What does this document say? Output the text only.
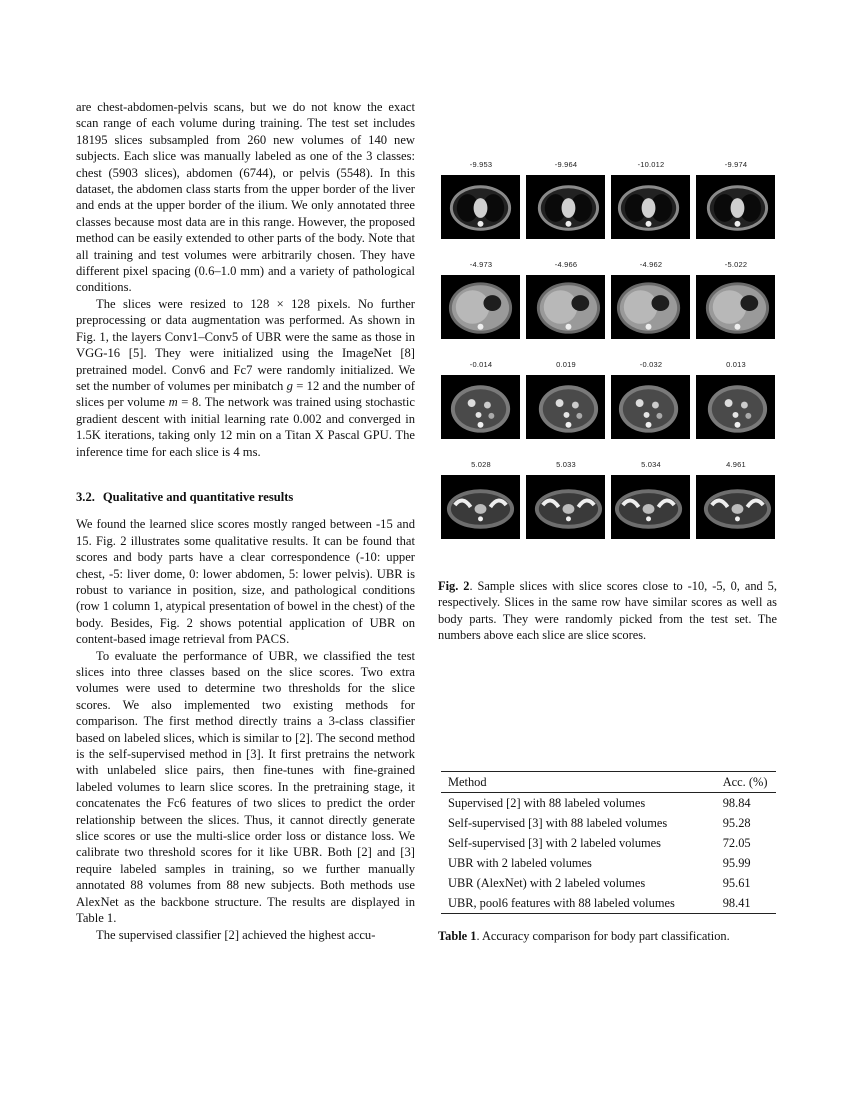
are chest-abdomen-pelvis scans, but we do not know the exact scan range of each volume during training. The test set includes 18195 slices subsampled from 260 new volumes of 140 new subjects. Each slice was manually labeled as one of the 3 classes: chest (5903 slices), abdomen (6744), or pelvis (5548). In this dataset, the abdomen class starts from the upper border of the liver and ends at the upper border of the ilium. We only annotated three classes because most data are in this range. However, the proposed method can be easily extended to other parts of the body. Note that all training and test volumes were arbitrarily chosen. They have different pixel spacing (0.6–1.0 mm) and a variety of pathological conditions.

The slices were resized to 128 × 128 pixels. No further preprocessing or data augmentation was performed. As shown in Fig. 1, the layers Conv1–Conv5 of UBR were the same as those in VGG-16 [5]. They were initialized using the ImageNet [8] pretrained model. Conv6 and Fc7 were randomly initialized. We set the number of volumes per minibatch g = 12 and the number of slices per volume m = 8. The network was trained using stochastic gradient descent with initial learning rate 0.002 and converged in 1.5K iterations, taking only 12 min on a Titan X Pascal GPU. The inference time for each slice is 4 ms.

3.2. Qualitative and quantitative results

We found the learned slice scores mostly ranged between -15 and 15. Fig. 2 illustrates some qualitative results. It can be found that scores and body parts have a clear correspondence (-10: upper chest, -5: liver dome, 0: lower abdomen, 5: lower pelvis). UBR is robust to variance in position, size, and pathological conditions (row 1 column 1, atypical presentation of bowel in the chest) of the body. Besides, Fig. 2 shows potential application of UBR on content-based image retrieval from PACS.

To evaluate the performance of UBR, we classified the test slices into three classes based on the slice scores. Two extra volumes were used to determine two thresholds for the slice scores. We also implemented two existing methods for comparison. The first method directly trains a 3-class classifier based on labeled slices, which is similar to [2]. The second method is the self-supervised method in [3]. It first pretrains the network with unlabeled slice pairs, then fine-tunes with fine-grained labeled volumes to learn slice scores. In the pretraining stage, it concatenates the Fc6 features of two slices to predict the order relationship between the slices. Thus, it cannot directly generate slice scores or use the multi-slice order loss or distance loss. We calibrate two threshold scores for it like UBR. Both [2] and [3] require labeled samples in training, so we further manually annotated 88 volumes from 88 new subjects. Both methods use AlexNet as the backbone structure. The results are displayed in Table 1.

The supervised classifier [2] achieved the highest accu-

-9.953	-9.964	-10.012	-9.974
-4.973	-4.966	-4.962	-5.022
-0.014	0.019	-0.032	0.013
5.028	5.033	5.034	4.961
Fig. 2. Sample slices with slice scores close to -10, -5, 0, and 5, respectively. Slices in the same row have similar scores as well as body parts. They were randomly picked from the test set. The numbers above each slice are slice scores.
Method	Acc. (%)
Supervised [2] with 88 labeled volumes	98.84
Self-supervised [3] with 88 labeled volumes	95.28
Self-supervised [3] with 2 labeled volumes	72.05
UBR with 2 labeled volumes	95.99
UBR (AlexNet) with 2 labeled volumes	95.61
UBR, pool6 features with 88 labeled volumes	98.41
Table 1. Accuracy comparison for body part classification.
